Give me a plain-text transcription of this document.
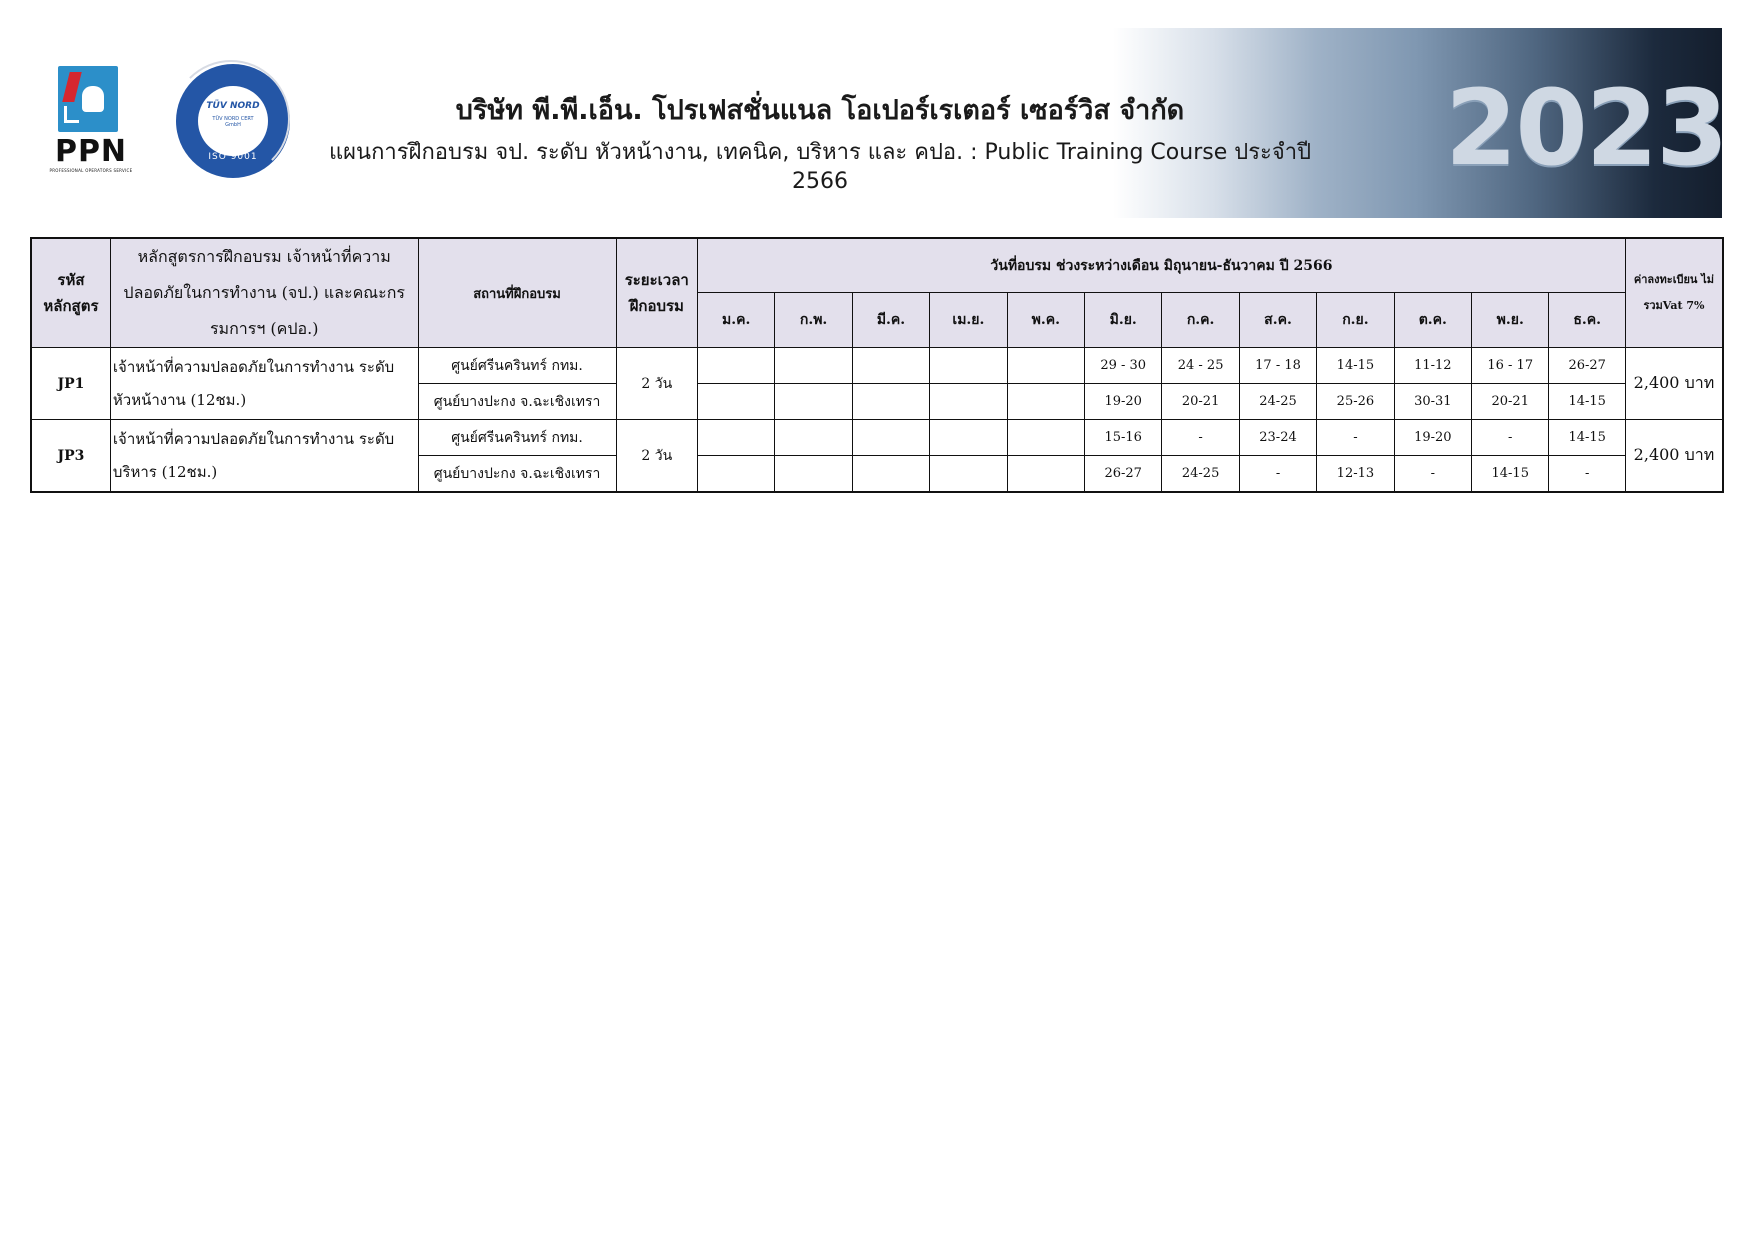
PPN
PROFESSIONAL OPERATORS SERVICE
TÜV NORD
TÜV NORD CERT
GmbH
ISO 9001
บริษัท พี.พี.เอ็น. โปรเฟสชั่นแนล โอเปอร์เรเตอร์ เซอร์วิส จำกัด
แผนการฝึกอบรม จป. ระดับ หัวหน้างาน, เทคนิค, บริหาร และ คปอ. : Public Training Course ประจำปี 2566	2023
รหัสหลักสูตร	หลักสูตรการฝึกอบรม เจ้าหน้าที่ความปลอดภัยในการทำงาน (จป.) และคณะกรรมการฯ (คปอ.)	สถานที่ฝึกอบรม	ระยะเวลาฝึกอบรม	วันที่อบรม ช่วงระหว่างเดือน มิถุนายน-ธันวาคม ปี 2566												ค่าลงทะเบียน ไม่รวมVat 7%
				ม.ค.	ก.พ.	มี.ค.	เม.ย.	พ.ค.	มิ.ย.	ก.ค.	ส.ค.	ก.ย.	ต.ค.	พ.ย.	ธ.ค.	
JP1	เจ้าหน้าที่ความปลอดภัยในการทำงาน ระดับหัวหน้างาน (12ชม.)	ศูนย์ศรีนครินทร์ กทม.	2 วัน						29 - 30	24 - 25	17 - 18	14-15	11-12	16 - 17	26-27	2,400 บาท
		ศูนย์บางปะกง จ.ฉะเชิงเทรา							19-20	20-21	24-25	25-26	30-31	20-21	14-15	
JP3	เจ้าหน้าที่ความปลอดภัยในการทำงาน ระดับบริหาร (12ชม.)	ศูนย์ศรีนครินทร์ กทม.	2 วัน						15-16	-	23-24	-	19-20	-	14-15	2,400 บาท
		ศูนย์บางปะกง จ.ฉะเชิงเทรา							26-27	24-25	-	12-13	-	14-15	-	
